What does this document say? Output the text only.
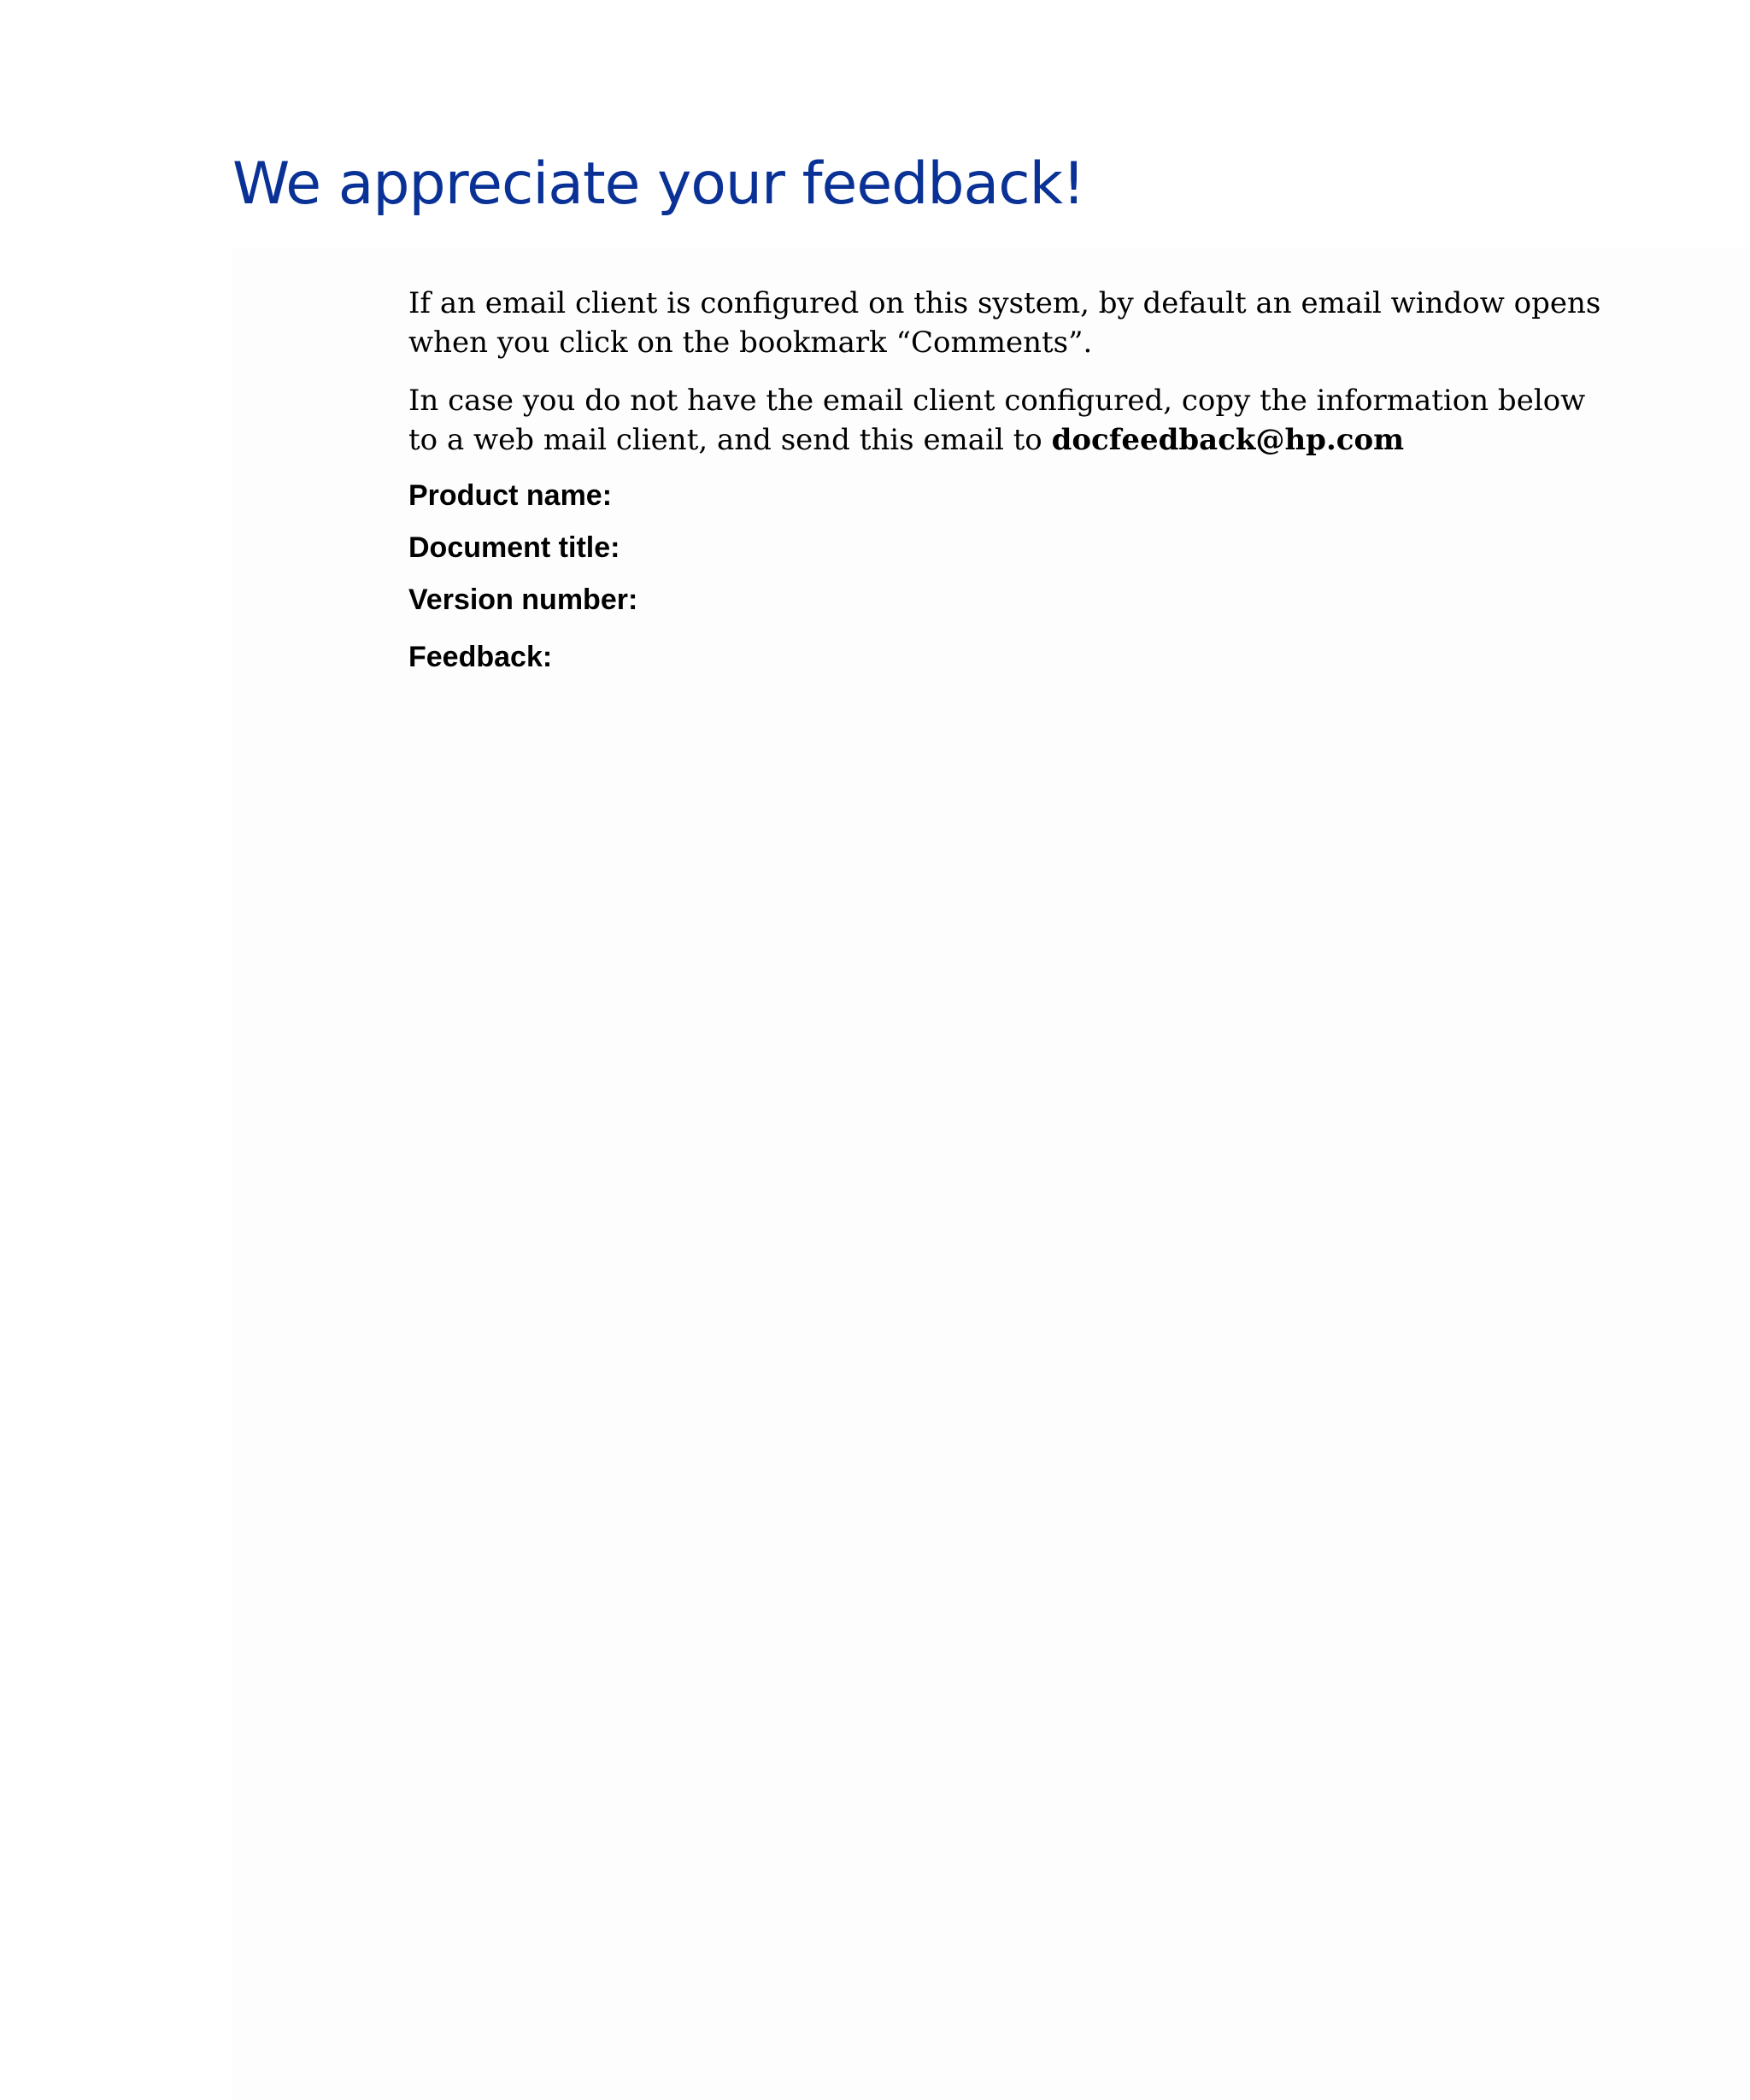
We appreciate your feedback!

If an email client is configured on this system, by default an email window opens when you click on the bookmark “Comments”.

In case you do not have the email client configured, copy the information below to a web mail client, and send this email to docfeedback@hp.com

Product name:
Document title:
Version number:
Feedback:
